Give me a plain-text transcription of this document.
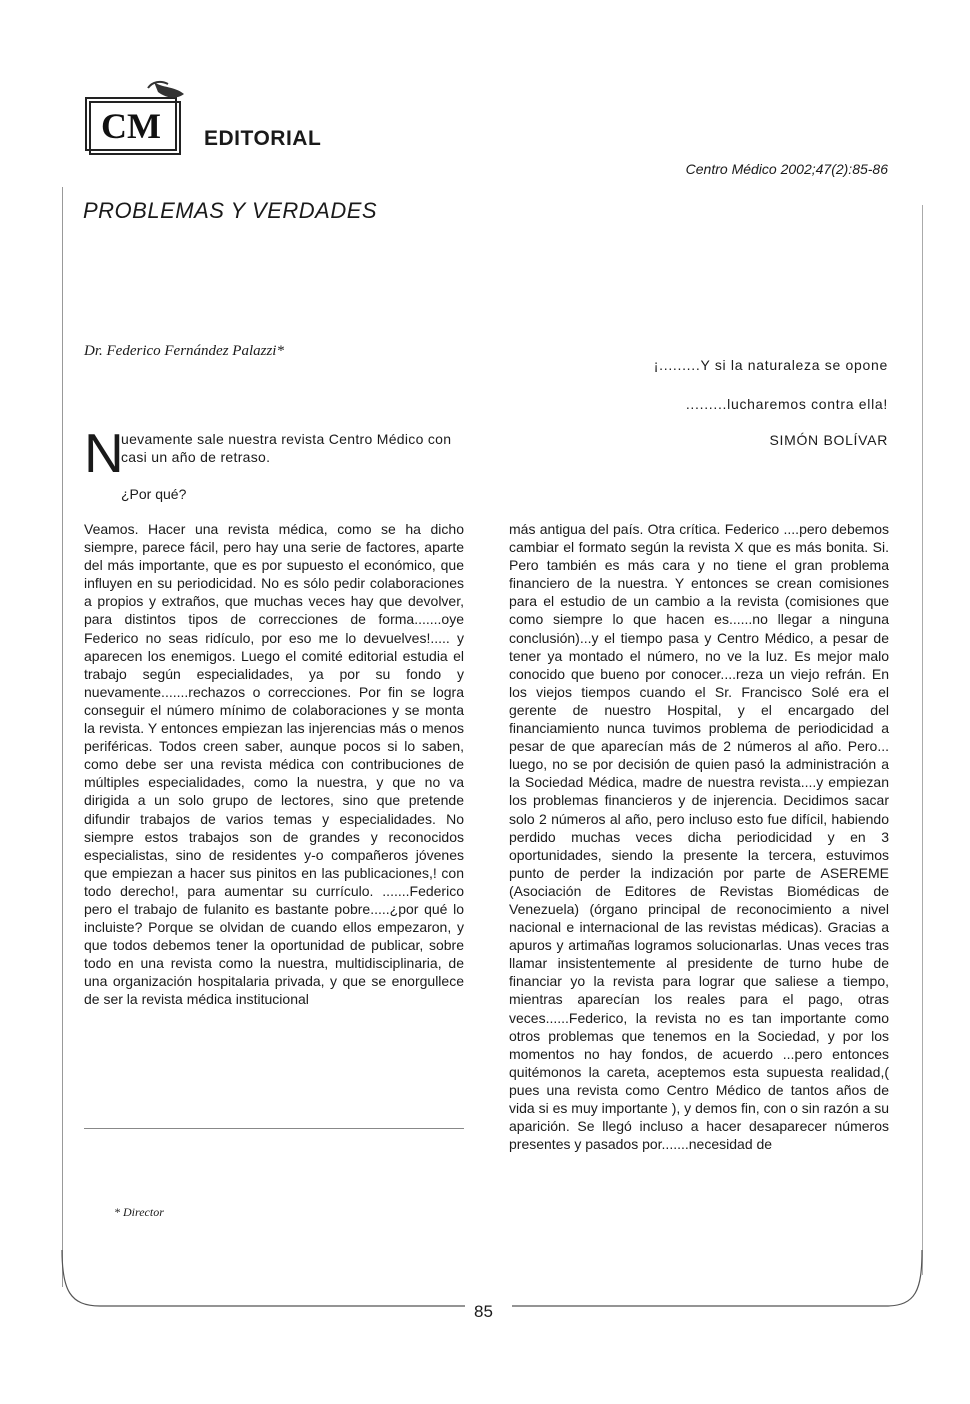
CM EDITORIAL
Centro Médico 2002;47(2):85-86
PROBLEMAS Y VERDADES
Dr. Federico Fernández Palazzi*
¡.........Y si la naturaleza se opone
.........lucharemos contra ella!
SIMÓN BOLÍVAR
N
uevamente sale nuestra revista Centro Médico con casi un año de retraso.
¿Por qué?
Veamos. Hacer una revista médica, como se ha dicho siempre, parece fácil, pero hay una serie de factores, aparte del más importante, que es por supuesto el económico, que influyen en su periodicidad. No es sólo pedir colaboraciones a propios y extraños, que muchas veces hay que devolver, para distintos tipos de correcciones de forma.......oye Federico no seas ridículo, por eso me lo devuelves!..... y aparecen los enemigos. Luego el comité editorial estudia el trabajo según especialidades, ya por su fondo y nuevamente.......rechazos o correcciones. Por fin se logra conseguir el número mínimo de colaboraciones y se monta la revista. Y entonces empiezan las injerencias más o menos periféricas. Todos creen saber, aunque pocos si lo saben, como debe ser una revista médica con contribuciones de múltiples especialidades, como la nuestra, y que no va dirigida a un solo grupo de lectores, sino que pretende difundir trabajos de varios temas y especialidades. No siempre estos trabajos son de grandes y reconocidos especialistas, sino de residentes y-o compañeros jóvenes que empiezan a hacer sus pinitos en las publicaciones,! con todo derecho!, para aumentar su currículo. .......Federico pero el trabajo de fulanito es bastante pobre.....¿por qué lo incluiste? Porque se olvidan de cuando ellos empezaron, y que todos debemos tener la oportunidad de publicar, sobre todo en una revista como la nuestra, multidisciplinaria, de una organización hospitalaria privada, y que se enorgullece de ser la revista médica institucional
más antigua del país. Otra crítica. Federico ....pero debemos cambiar el formato según la revista X que es más bonita. Si. Pero también es más cara y no tiene el gran problema financiero de la nuestra. Y entonces se crean comisiones para el estudio de un cambio a la revista (comisiones que como siempre lo que hacen es......no llegar a ninguna conclusión)...y el tiempo pasa y Centro Médico, a pesar de tener ya montado el número, no ve la luz. Es mejor malo conocido que bueno por conocer....reza un viejo refrán. En los viejos tiempos cuando el Sr. Francisco Solé era el gerente de nuestro Hospital, y el encargado del financiamiento nunca tuvimos problema de periodicidad a pesar de que aparecían más de 2 números al año. Pero... luego, no se por decisión de quien pasó la administración a la Sociedad Médica, madre de nuestra revista....y empiezan los problemas financieros y de injerencia. Decidimos sacar solo 2 números al año, pero incluso esto fue difícil, habiendo perdido muchas veces dicha periodicidad y en 3 oportunidades, siendo la presente la tercera, estuvimos punto de perder la indización por parte de ASEREME (Asociación de Editores de Revistas Biomédicas de Venezuela) (órgano principal de reconocimiento a nivel nacional e internacional de las revistas médicas). Gracias a apuros y artimañas logramos solucionarlas. Unas veces tras llamar insistentemente al presidente de turno hube de financiar yo la revista para lograr que saliese a tiempo, mientras aparecían los reales para el pago, otras veces......Federico, la revista no es tan importante como otros problemas que tenemos en la Sociedad, y por los momentos no hay fondos, de acuerdo ...pero entonces quitémonos la careta, aceptemos esta supuesta realidad,( pues una revista como Centro Médico de tantos años de vida si es muy importante ), y demos fin, con o sin razón a su aparición. Se llegó incluso a hacer desaparecer números presentes y pasados por.......necesidad de
* Director
85
